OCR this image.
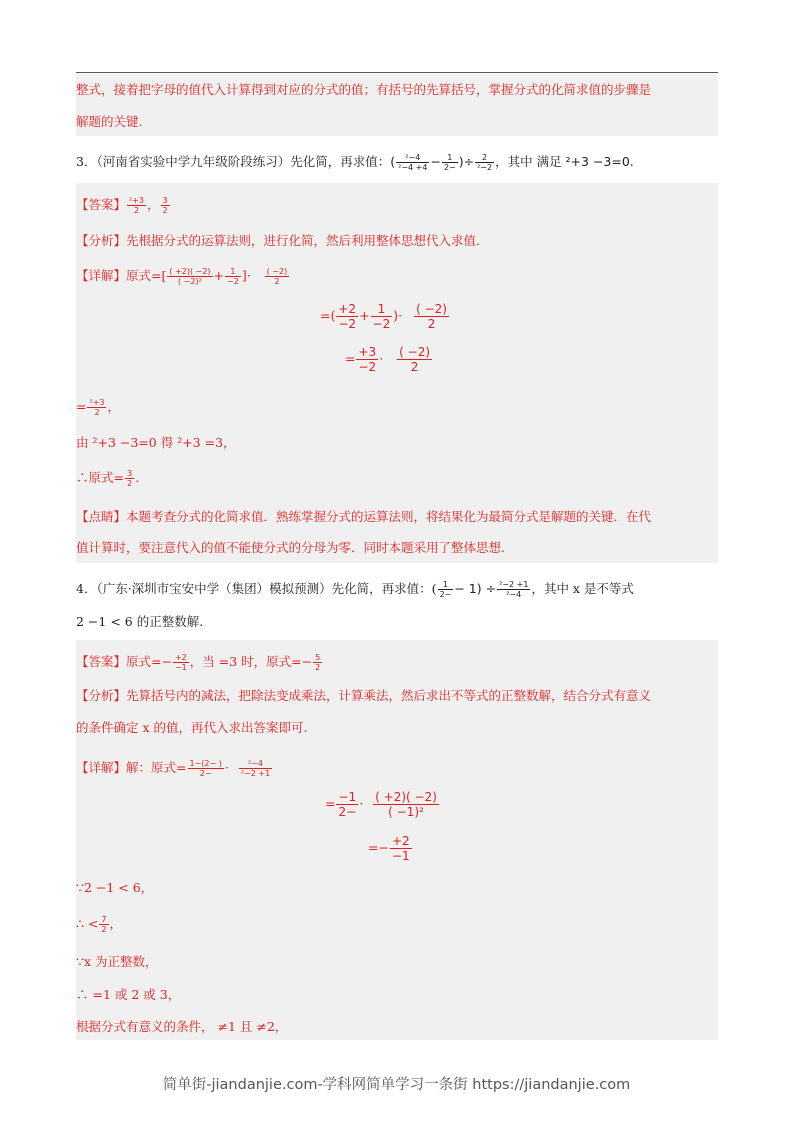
整式，接着把字母的值代入计算得到对应的分式的值；有括号的先算括号，掌握分式的化简求值的步骤是
解题的关键.
3．（河南省实验中学九年级阶段练习）先化简，再求值：( $\frac{\text{²−4}}{\text{²−4 +4}} - \frac{1}{2-}$ )÷ $\frac{2}{\text{²−2}}$ ，其中 满足 ²+3 −3=0.
【答案】 $\frac{\text{²+3}}{2}$ ， $\frac{3}{2}$
【分析】先根据分式的运算法则，进行化简，然后利用整体思想代入求值.
【详解】原式=[ $\frac{( +2)( -2)}{\text{( −2)²}} + \frac{1}{-2}$ ]· $\frac{( -2)}{2}$
=( $\frac{+2}{-2} + \frac{1}{-2}$ )· $\frac{( -2)}{2}$
= $\frac{+3}{-2} \cdot \frac{( -2)}{2}$
= $\frac{\text{²+3}}{2}$ ，
由 ²+3 −3=0 得 ²+3 =3，
∴原式= $\frac{3}{2}$ .
【点睛】本题考查分式的化简求值．熟练掌握分式的运算法则，将结果化为最简分式是解题的关键．在代
值计算时，要注意代入的值不能使分式的分母为零．同时本题采用了整体思想.
4．（广东·深圳市宝安中学（集团）模拟预测）先化简，再求值：( $\frac{1}{2-} - 1) \div \frac{\text{²−2 +1}}{\text{²−4}}$ ，其中 x 是不等式
2 −1 < 6 的正整数解.
【答案】原式=− $\frac{+2}{-1}$ ，当 =3 时，原式=− $\frac{5}{2}$
【分析】先算括号内的减法，把除法变成乘法，计算乘法，然后求出不等式的正整数解，结合分式有意义
的条件确定 x 的值，再代入求出答案即可.
【详解】解：原式= $\frac{1-(2- )}{2-} \cdot \frac{\text{²−4}}{\text{²−2 +1}}$
= $\frac{-1}{2-} \cdot \frac{( +2)( -2)}{\text{( −1)²}}$
=− $\frac{+2}{-1}$
∵2 −1 < 6，
∴ < $\frac{7}{2}$ ，
∵x 为正整数，
∴ =1 或 2 或 3，
根据分式有意义的条件， ≠1 且 ≠2，
简单街-jiandanjie.com-学科网简单学习一条街 https://jiandanjie.com
